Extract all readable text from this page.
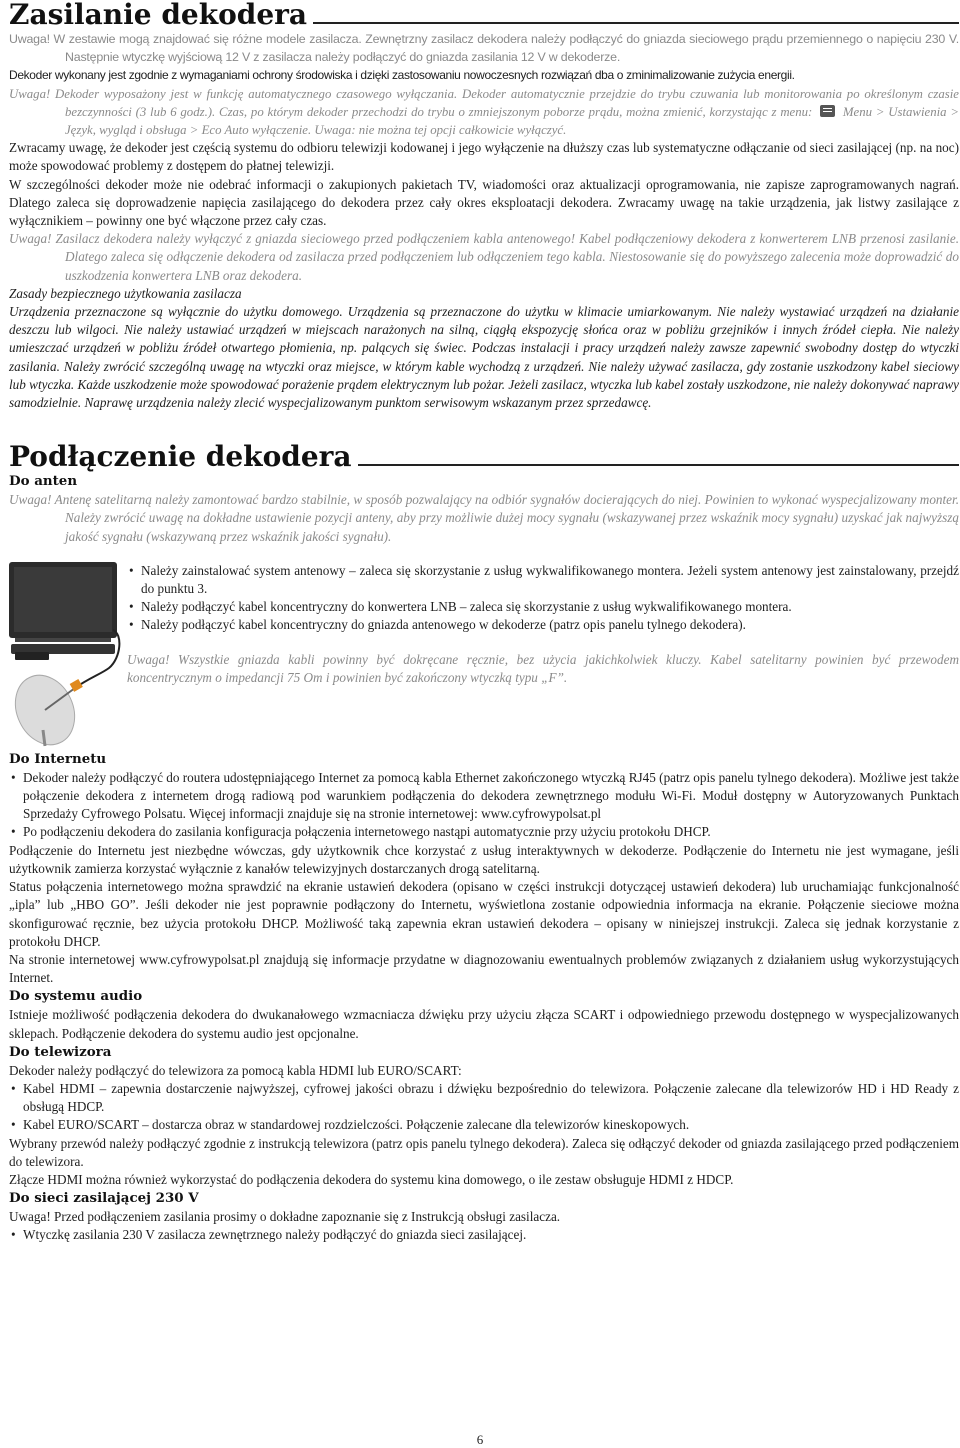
Zasilanie dekodera

Uwaga! W zestawie mogą znajdować się różne modele zasilacza. Zewnętrzny zasilacz dekodera należy podłączyć do gniazda sieciowego prądu przemiennego o napięciu 230 V. Następnie wtyczkę wyjściową 12 V z zasilacza należy podłączyć do gniazda zasilania 12 V w dekoderze.

Dekoder wykonany jest zgodnie z wymaganiami ochrony środowiska i dzięki zastosowaniu nowoczesnych rozwiązań dba o zminimalizowanie zużycia energii.

Uwaga! Dekoder wyposażony jest w funkcję automatycznego czasowego wyłączania. Dekoder automatycznie przejdzie do trybu czuwania lub monitorowania po określonym czasie bezczynności (3 lub 6 godz.). Czas, po którym dekoder przechodzi do trybu o zmniejszonym poborze prądu, można zmienić, korzystając z menu: Menu > Ustawienia > Język, wygląd i obsługa > Eco Auto wyłączenie. Uwaga: nie można tej opcji całkowicie wyłączyć.

Zwracamy uwagę, że dekoder jest częścią systemu do odbioru telewizji kodowanej i jego wyłączenie na dłuższy czas lub systematyczne odłączanie od sieci zasilającej (np. na noc) może spowodować problemy z dostępem do płatnej telewizji.

W szczególności dekoder może nie odebrać informacji o zakupionych pakietach TV, wiadomości oraz aktualizacji oprogramowania, nie zapisze zaprogramowanych nagrań. Dlatego zaleca się doprowadzenie napięcia zasilającego do dekodera przez cały okres eksploatacji dekodera. Zwracamy uwagę na takie urządzenia, jak listwy zasilające z wyłącznikiem – powinny one być włączone przez cały czas.

Uwaga! Zasilacz dekodera należy wyłączyć z gniazda sieciowego przed podłączeniem kabla antenowego! Kabel podłączeniowy dekodera z konwerterem LNB przenosi zasilanie. Dlatego zaleca się odłączenie dekodera od zasilacza przed podłączeniem lub odłączeniem tego kabla. Niestosowanie się do powyższego zalecenia może doprowadzić do uszkodzenia konwertera LNB oraz dekodera.

Zasady bezpiecznego użytkowania zasilacza

Urządzenia przeznaczone są wyłącznie do użytku domowego. Urządzenia są przeznaczone do użytku w klimacie umiarkowanym. Nie należy wystawiać urządzeń na działanie deszczu lub wilgoci. Nie należy ustawiać urządzeń w miejscach narażonych na silną, ciągłą ekspozycję słońca oraz w pobliżu grzejników i innych źródeł ciepła. Nie należy umieszczać urządzeń w pobliżu źródeł otwartego płomienia, np. palących się świec. Podczas instalacji i pracy urządzeń należy zawsze zapewnić swobodny dostęp do wtyczki zasilania. Należy zwrócić szczególną uwagę na wtyczki oraz miejsce, w którym kable wychodzą z urządzeń. Nie należy używać zasilacza, gdy zostanie uszkodzony kabel sieciowy lub wtyczka. Każde uszkodzenie może spowodować porażenie prądem elektrycznym lub pożar. Jeżeli zasilacz, wtyczka lub kabel zostały uszkodzone, nie należy dokonywać naprawy samodzielnie. Naprawę urządzenia należy zlecić wyspecjalizowanym punktom serwisowym wskazanym przez sprzedawcę.

Podłączenie dekodera

Do anten

Uwaga! Antenę satelitarną należy zamontować bardzo stabilnie, w sposób pozwalający na odbiór sygnałów docierających do niej. Powinien to wykonać wyspecjalizowany monter. Należy zwrócić uwagę na dokładne ustawienie pozycji anteny, aby przy możliwie dużej mocy sygnału (wskazywanej przez wskaźnik mocy sygnału) uzyskać jak najwyższą jakość sygnału (wskazywaną przez wskaźnik jakości sygnału).

• Należy zainstalować system antenowy – zaleca się skorzystanie z usług wykwalifikowanego montera. Jeżeli system antenowy jest zainstalowany, przejdź do punktu 3.
• Należy podłączyć kabel koncentryczny do konwertera LNB – zaleca się skorzystanie z usług wykwalifikowanego montera.
• Należy podłączyć kabel koncentryczny do gniazda antenowego w dekoderze (patrz opis panelu tylnego dekodera).

Uwaga! Wszystkie gniazda kabli powinny być dokręcane ręcznie, bez użycia jakichkolwiek kluczy. Kabel satelitarny powinien być przewodem koncentrycznym o impedancji 75 Om i powinien być zakończony wtyczką typu „F”.

Do Internetu

• Dekoder należy podłączyć do routera udostępniającego Internet za pomocą kabla Ethernet zakończonego wtyczką RJ45 (patrz opis panelu tylnego dekodera). Możliwe jest także połączenie dekodera z internetem drogą radiową pod warunkiem podłączenia do dekodera zewnętrznego modułu Wi-Fi. Moduł dostępny w Autoryzowanych Punktach Sprzedaży Cyfrowego Polsatu. Więcej informacji znajduje się na stronie internetowej: www.cyfrowypolsat.pl
• Po podłączeniu dekodera do zasilania konfiguracja połączenia internetowego nastąpi automatycznie przy użyciu protokołu DHCP.

Podłączenie do Internetu jest niezbędne wówczas, gdy użytkownik chce korzystać z usług interaktywnych w dekoderze. Podłączenie do Internetu nie jest wymagane, jeśli użytkownik zamierza korzystać wyłącznie z kanałów telewizyjnych dostarczanych drogą satelitarną.

Status połączenia internetowego można sprawdzić na ekranie ustawień dekodera (opisano w części instrukcji dotyczącej ustawień dekodera) lub uruchamiając funkcjonalność „ipla” lub „HBO GO”. Jeśli dekoder nie jest poprawnie podłączony do Internetu, wyświetlona zostanie odpowiednia informacja na ekranie. Połączenie sieciowe można skonfigurować ręcznie, bez użycia protokołu DHCP. Możliwość taką zapewnia ekran ustawień dekodera – opisany w niniejszej instrukcji. Zaleca się jednak korzystanie z protokołu DHCP.

Na stronie internetowej www.cyfrowypolsat.pl znajdują się informacje przydatne w diagnozowaniu ewentualnych problemów związanych z działaniem usług wykorzystujących Internet.

Do systemu audio

Istnieje możliwość podłączenia dekodera do dwukanałowego wzmacniacza dźwięku przy użyciu złącza SCART i odpowiedniego przewodu dostępnego w wyspecjalizowanych sklepach. Podłączenie dekodera do systemu audio jest opcjonalne.

Do telewizora

Dekoder należy podłączyć do telewizora za pomocą kabla HDMI lub EURO/SCART:

• Kabel HDMI – zapewnia dostarczenie najwyższej, cyfrowej jakości obrazu i dźwięku bezpośrednio do telewizora. Połączenie zalecane dla telewizorów HD i HD Ready z obsługą HDCP.
• Kabel EURO/SCART – dostarcza obraz w standardowej rozdzielczości. Połączenie zalecane dla telewizorów kineskopowych.

Wybrany przewód należy podłączyć zgodnie z instrukcją telewizora (patrz opis panelu tylnego dekodera). Zaleca się odłączyć dekoder od gniazda zasilającego przed podłączeniem do telewizora.

Złącze HDMI można również wykorzystać do podłączenia dekodera do systemu kina domowego, o ile zestaw obsługuje HDMI z HDCP.

Do sieci zasilającej 230 V

Uwaga! Przed podłączeniem zasilania prosimy o dokładne zapoznanie się z Instrukcją obsługi zasilacza.

• Wtyczkę zasilania 230 V zasilacza zewnętrznego należy podłączyć do gniazda sieci zasilającej.
6
